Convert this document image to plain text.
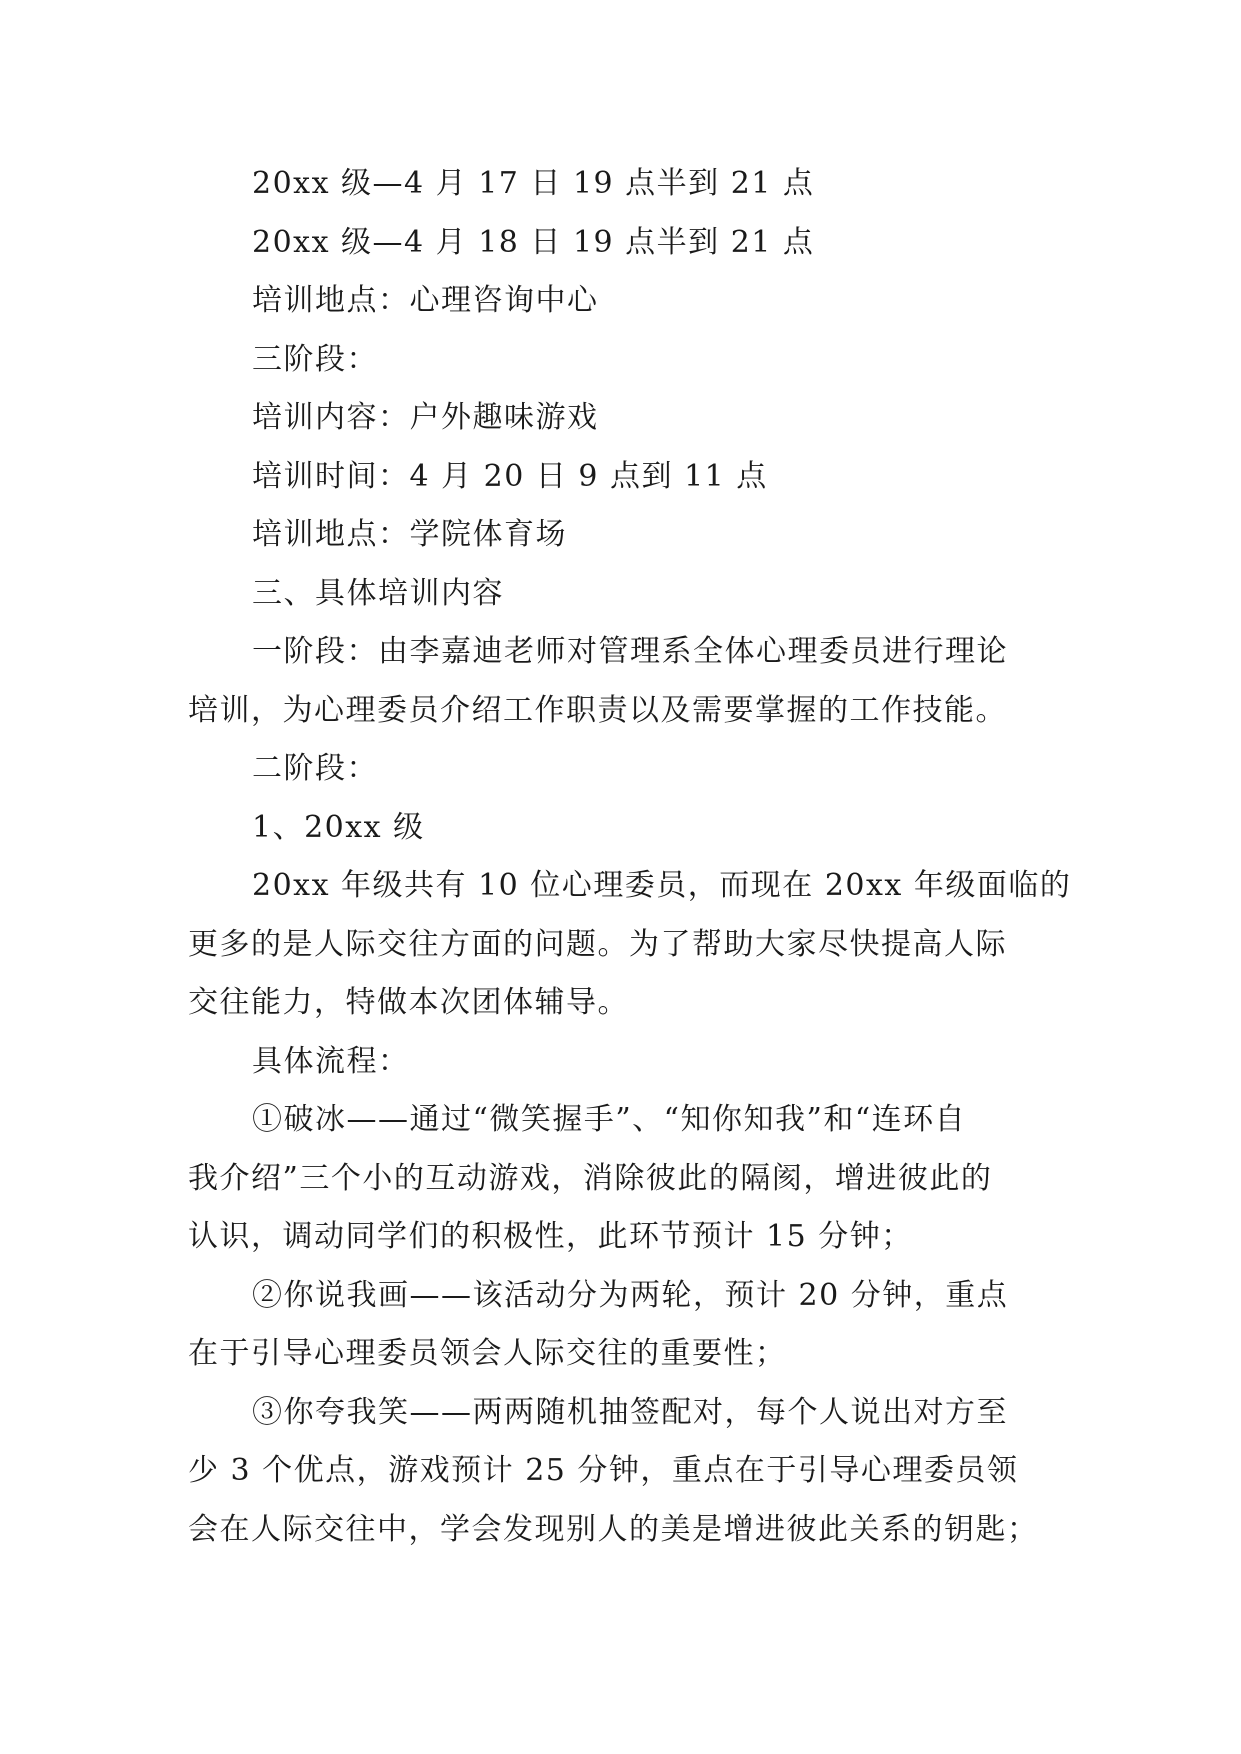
20xx 级—4 月 17 日 19 点半到 21 点
20xx 级—4 月 18 日 19 点半到 21 点
培训地点：心理咨询中心
三阶段：
培训内容：户外趣味游戏
培训时间：4 月 20 日 9 点到 11 点
培训地点：学院体育场
三、具体培训内容
一阶段：由李嘉迪老师对管理系全体心理委员进行理论
培训，为心理委员介绍工作职责以及需要掌握的工作技能。
二阶段：
1、20xx 级
20xx 年级共有 10 位心理委员，而现在 20xx 年级面临的
更多的是人际交往方面的问题。为了帮助大家尽快提高人际
交往能力，特做本次团体辅导。
具体流程：
①破冰——通过“微笑握手”、“知你知我”和“连环自
我介绍”三个小的互动游戏，消除彼此的隔阂，增进彼此的
认识，调动同学们的积极性，此环节预计 15 分钟；
②你说我画——该活动分为两轮，预计 20 分钟，重点
在于引导心理委员领会人际交往的重要性；
③你夸我笑——两两随机抽签配对，每个人说出对方至
少 3 个优点，游戏预计 25 分钟，重点在于引导心理委员领
会在人际交往中，学会发现别人的美是增进彼此关系的钥匙；
